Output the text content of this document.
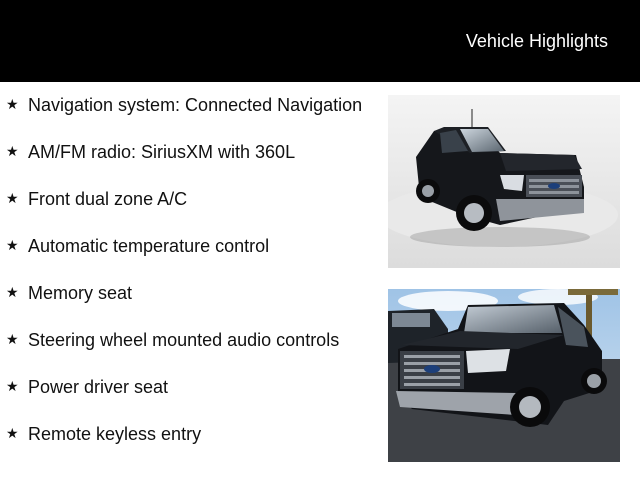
Vehicle Highlights
★ Navigation system: Connected Navigation
★ AM/FM radio: SiriusXM with 360L
★ Front dual zone A/C
★ Automatic temperature control
★ Memory seat
★ Steering wheel mounted audio controls
★ Power driver seat
★ Remote keyless entry
